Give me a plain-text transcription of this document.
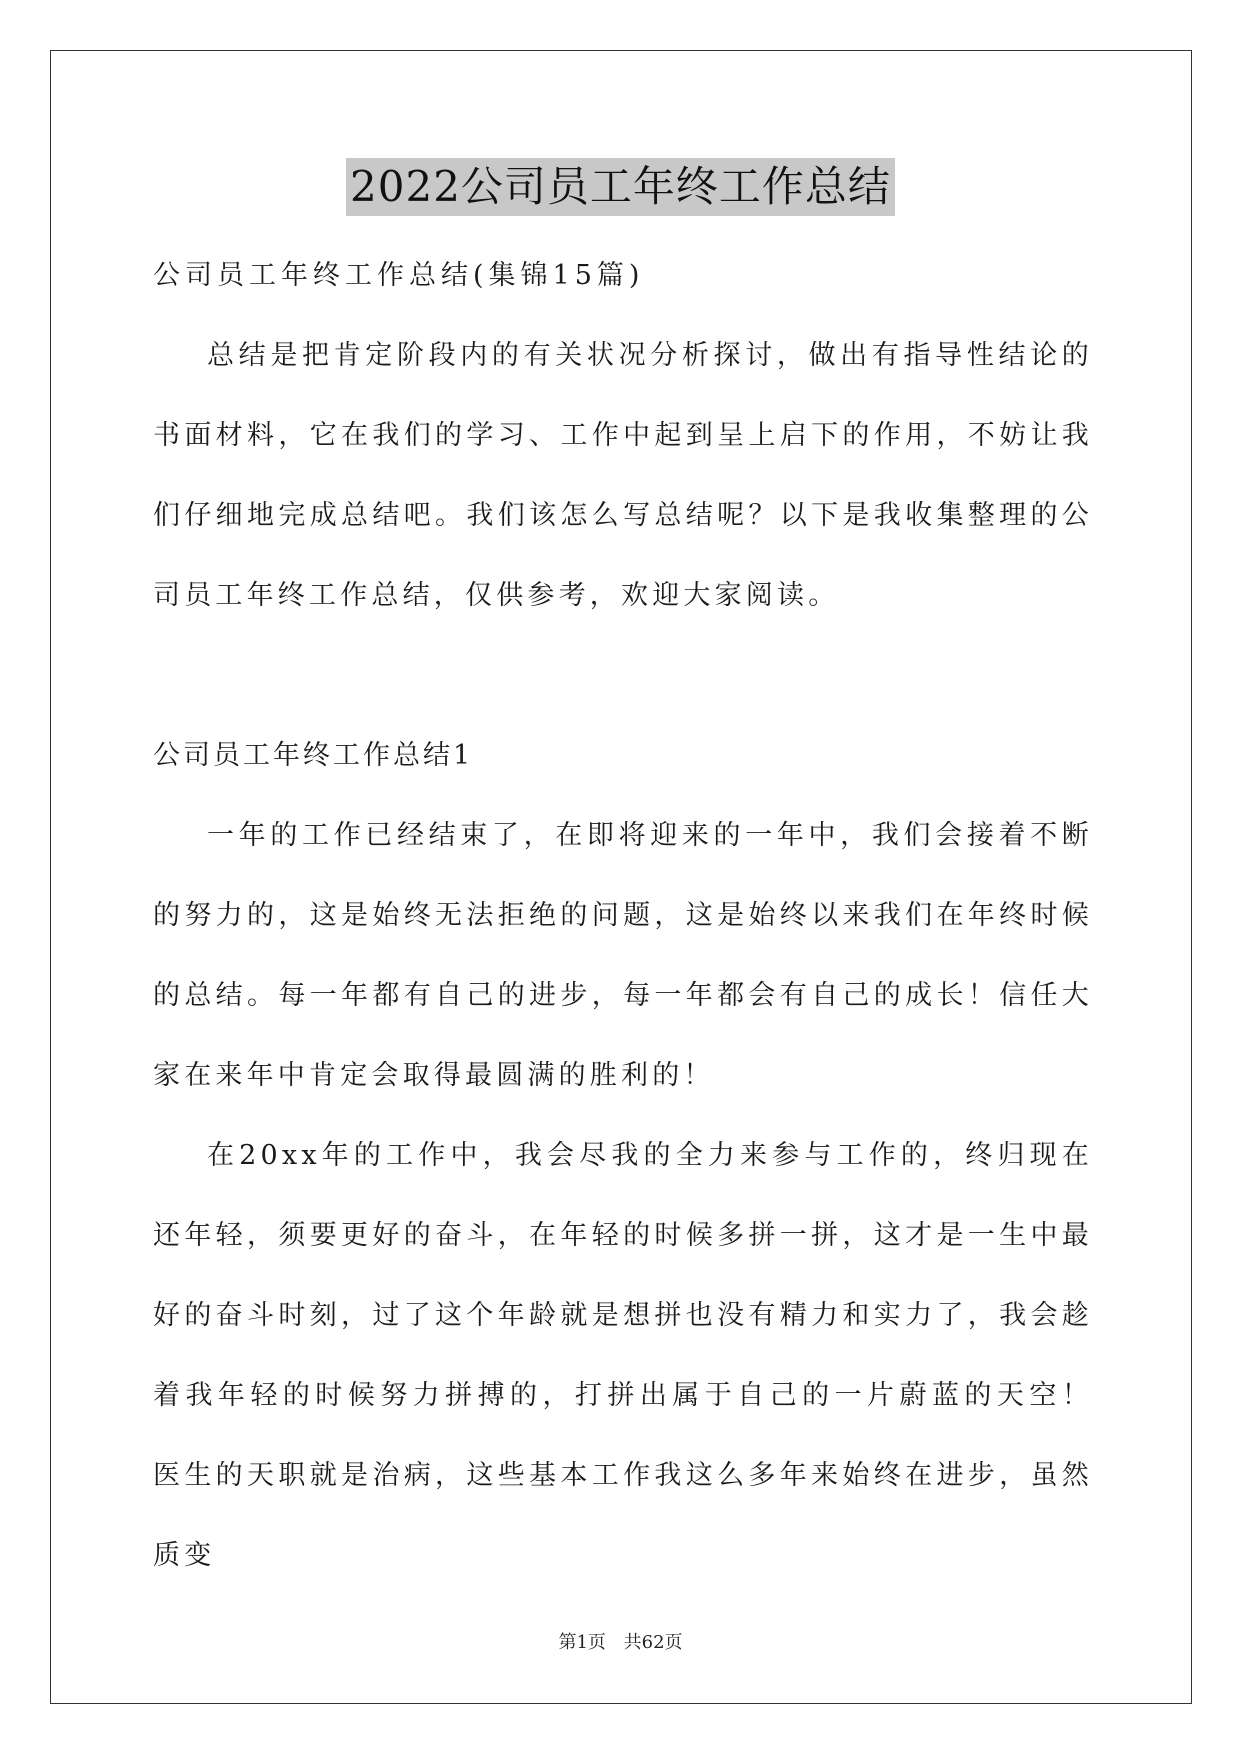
2022公司员工年终工作总结
公司员工年终工作总结(集锦15篇)

总结是把肯定阶段内的有关状况分析探讨，做出有指导性结论的书面材料，它在我们的学习、工作中起到呈上启下的作用，不妨让我们仔细地完成总结吧。我们该怎么写总结呢？以下是我收集整理的公司员工年终工作总结，仅供参考，欢迎大家阅读。

公司员工年终工作总结1

一年的工作已经结束了，在即将迎来的一年中，我们会接着不断的努力的，这是始终无法拒绝的问题，这是始终以来我们在年终时候的总结。每一年都有自己的进步，每一年都会有自己的成长！信任大家在来年中肯定会取得最圆满的胜利的！

在20xx年的工作中，我会尽我的全力来参与工作的，终归现在还年轻，须要更好的奋斗，在年轻的时候多拼一拼，这才是一生中最好的奋斗时刻，过了这个年龄就是想拼也没有精力和实力了，我会趁着我年轻的时候努力拼搏的，打拼出属于自己的一片蔚蓝的天空！ 医生的天职就是治病，这些基本工作我这么多年来始终在进步，虽然质变

第1页 共62页
